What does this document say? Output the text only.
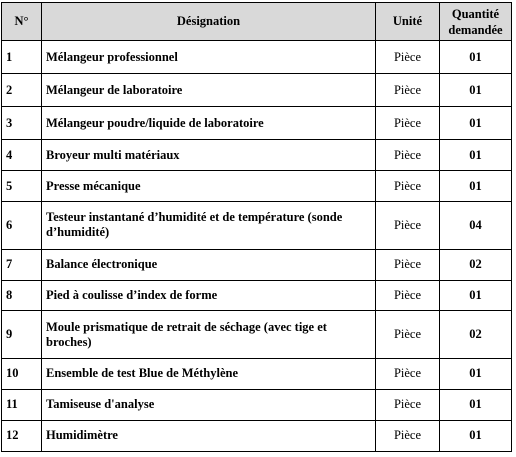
N°	Désignation	Unité	Quantité
demandée
1	Mélangeur professionnel	Pièce	01
2	Mélangeur de laboratoire	Pièce	01
3	Mélangeur poudre/liquide de laboratoire	Pièce	01
4	Broyeur multi matériaux	Pièce	01
5	Presse mécanique	Pièce	01
6	Testeur instantané d’humidité et de température (sonde d’humidité)	Pièce	04
7	Balance électronique	Pièce	02
8	Pied à coulisse d’index de forme	Pièce	01
9	Moule prismatique de retrait de séchage (avec tige et broches)	Pièce	02
10	Ensemble de test Blue de Méthylène	Pièce	01
11	Tamiseuse d'analyse	Pièce	01
12	Humidimètre	Pièce	01
